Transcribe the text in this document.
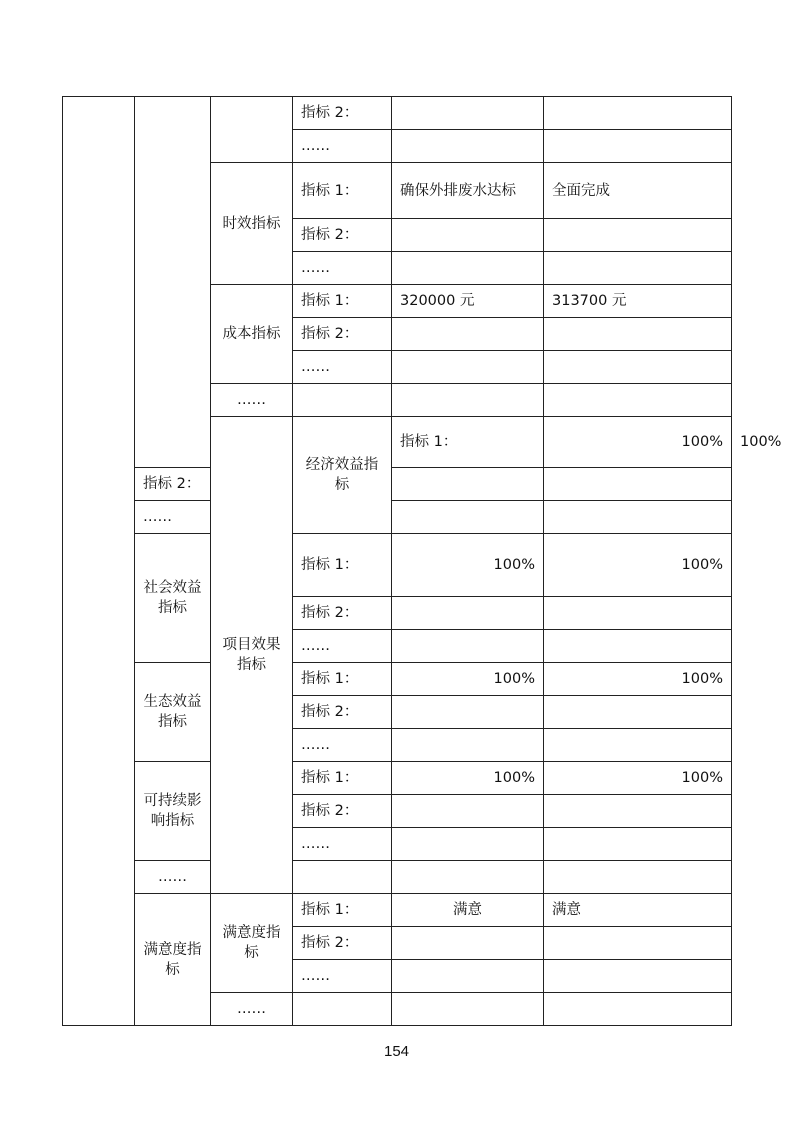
			指标 2：			
			……			
		时效指标	指标 1：	确保外排废水达标	全面完成	
			指标 2：			
			……			
		成本指标	指标 1：	320000 元	313700 元	
			指标 2：			
			……			
		……				
		项目效果指标	经济效益指标	指标 1：	100%	100%
	指标 2：					
	……					
	社会效益指标		指标 1：	100%	100%	
			指标 2：			
			……			
	生态效益指标		指标 1：	100%	100%	
			指标 2：			
			……			
	可持续影响指标		指标 1：	100%	100%	
			指标 2：			
			……			
	……					
	满意度指标	满意度指标	指标 1：	满意	满意	
			指标 2：			
			……			
		……				
154
